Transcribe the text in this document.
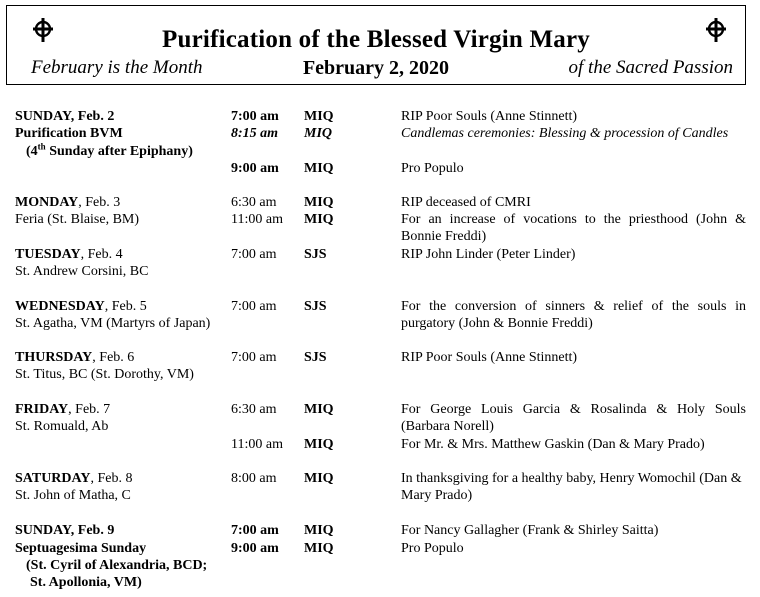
Purification of the Blessed Virgin Mary
February is the Month	February 2, 2020	of the Sacred Passion
SUNDAY, Feb. 2
Purification BVM
(4th Sunday after Epiphany)
7:00 am MIQ	RIP Poor Souls (Anne Stinnett)
8:15 am MIQ	Candlemas ceremonies: Blessing & procession of Candles
9:00 am MIQ	Pro Populo
MONDAY, Feb. 3
Feria (St. Blaise, BM)
6:30 am MIQ	RIP deceased of CMRI
11:00 am MIQ	For an increase of vocations to the priesthood (John & Bonnie Freddi)
TUESDAY, Feb. 4
St. Andrew Corsini, BC
7:00 am SJS	RIP John Linder (Peter Linder)
WEDNESDAY, Feb. 5
St. Agatha, VM (Martyrs of Japan)
7:00 am SJS	For the conversion of sinners & relief of the souls in purgatory (John & Bonnie Freddi)
THURSDAY, Feb. 6
St. Titus, BC (St. Dorothy, VM)
7:00 am SJS	RIP Poor Souls (Anne Stinnett)
FRIDAY, Feb. 7
St. Romuald, Ab
6:30 am MIQ	For George Louis Garcia & Rosalinda & Holy Souls (Barbara Norell)
11:00 am MIQ	For Mr. & Mrs. Matthew Gaskin (Dan & Mary Prado)
SATURDAY, Feb. 8
St. John of Matha, C
8:00 am MIQ	In thanksgiving for a healthy baby, Henry Womochil (Dan & Mary Prado)
SUNDAY, Feb. 9
Septuagesima Sunday
(St. Cyril of Alexandria, BCD;
St. Apollonia, VM)
7:00 am MIQ	For Nancy Gallagher (Frank & Shirley Saitta)
9:00 am MIQ	Pro Populo
